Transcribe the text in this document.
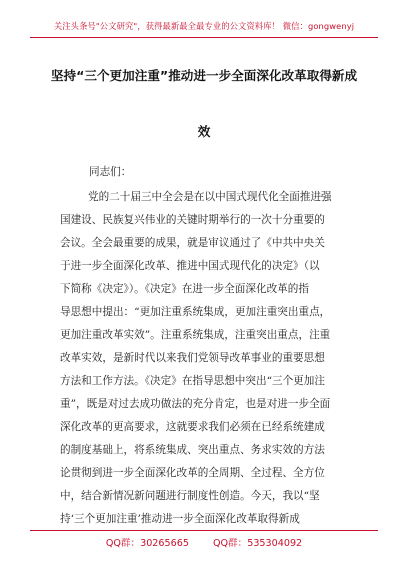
关注头条号"公文研究"，获得最新最全最专业的公文资料库！ 微信：gongwenyj
坚持“三个更加注重”推动进一步全面深化改革取得新成
效
同志们：
党的二十届三中全会是在以中国式现代化全面推进强
国建设、民族复兴伟业的关键时期举行的一次十分重要的
会议。全会最重要的成果，就是审议通过了《中共中央关
于进一步全面深化改革、推进中国式现代化的决定》（以
下简称《决定》）。《决定》在进一步全面深化改革的指
导思想中提出：“更加注重系统集成，更加注重突出重点，
更加注重改革实效”。注重系统集成，注重突出重点，注重
改革实效，是新时代以来我们党领导改革事业的重要思想
方法和工作方法。《决定》在指导思想中突出“三个更加注
重”，既是对过去成功做法的充分肯定，也是对进一步全面
深化改革的更高要求，这就要求我们必须在已经系统建成
的制度基础上，将系统集成、突出重点、务求实效的方法
论贯彻到进一步全面深化改革的全周期、全过程、全方位
中，结合新情况新问题进行制度性创造。今天，我以“坚
持‘三个更加注重’推动进一步全面深化改革取得新成
QQ群：30265665	QQ群：535304092
